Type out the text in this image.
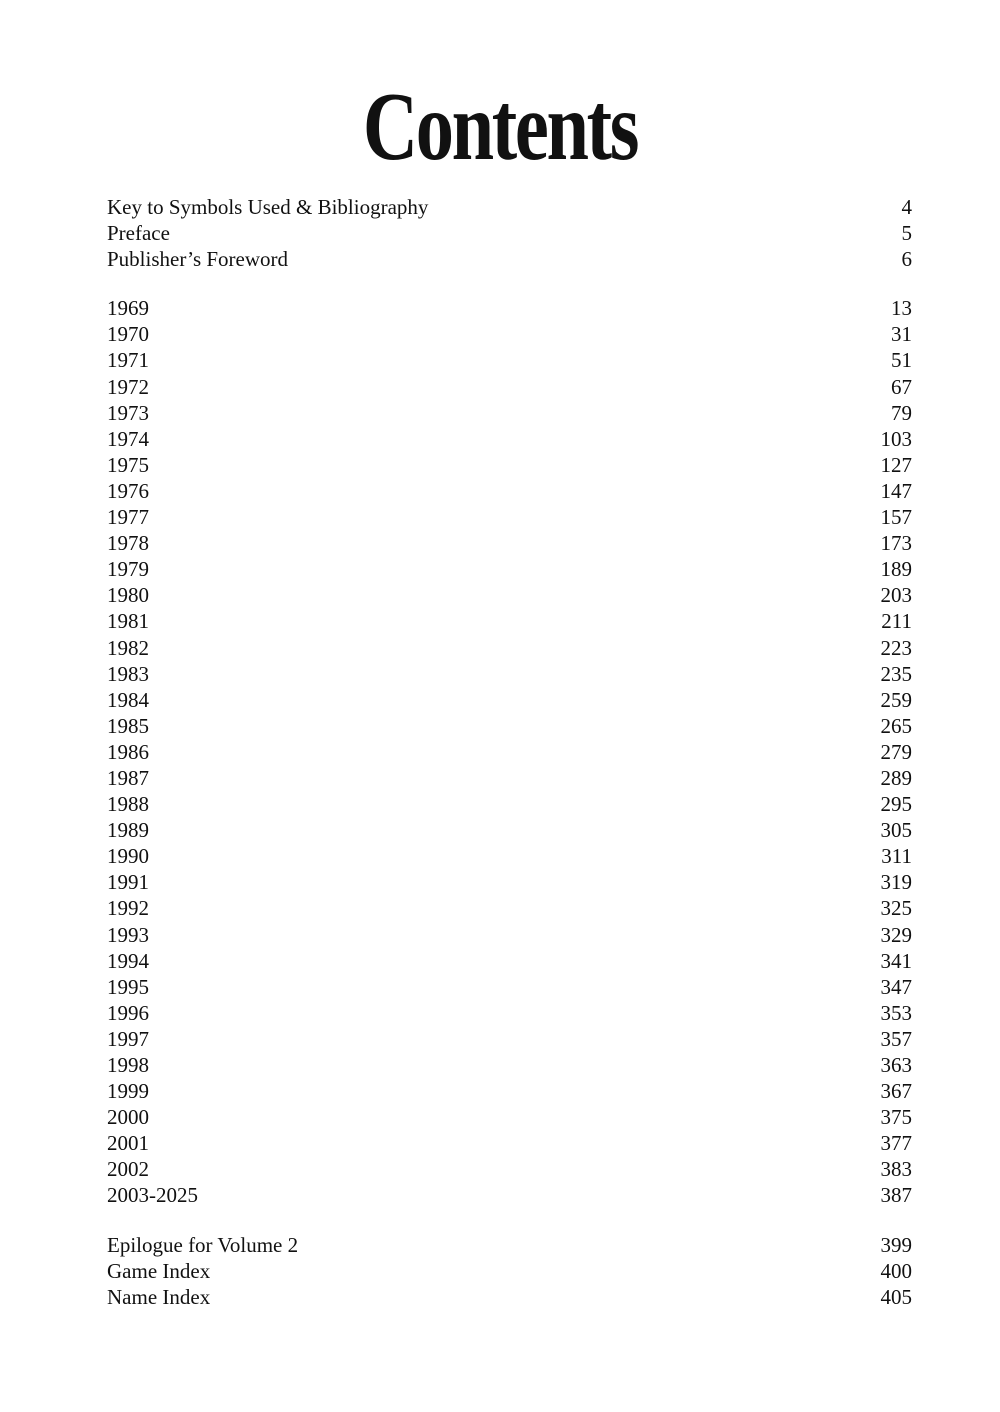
Contents
Key to Symbols Used & Bibliography	4
Preface	5
Publisher’s Foreword	6
1969	13
1970	31
1971	51
1972	67
1973	79
1974	103
1975	127
1976	147
1977	157
1978	173
1979	189
1980	203
1981	211
1982	223
1983	235
1984	259
1985	265
1986	279
1987	289
1988	295
1989	305
1990	311
1991	319
1992	325
1993	329
1994	341
1995	347
1996	353
1997	357
1998	363
1999	367
2000	375
2001	377
2002	383
2003-2025	387
Epilogue for Volume 2	399
Game Index	400
Name Index	405
